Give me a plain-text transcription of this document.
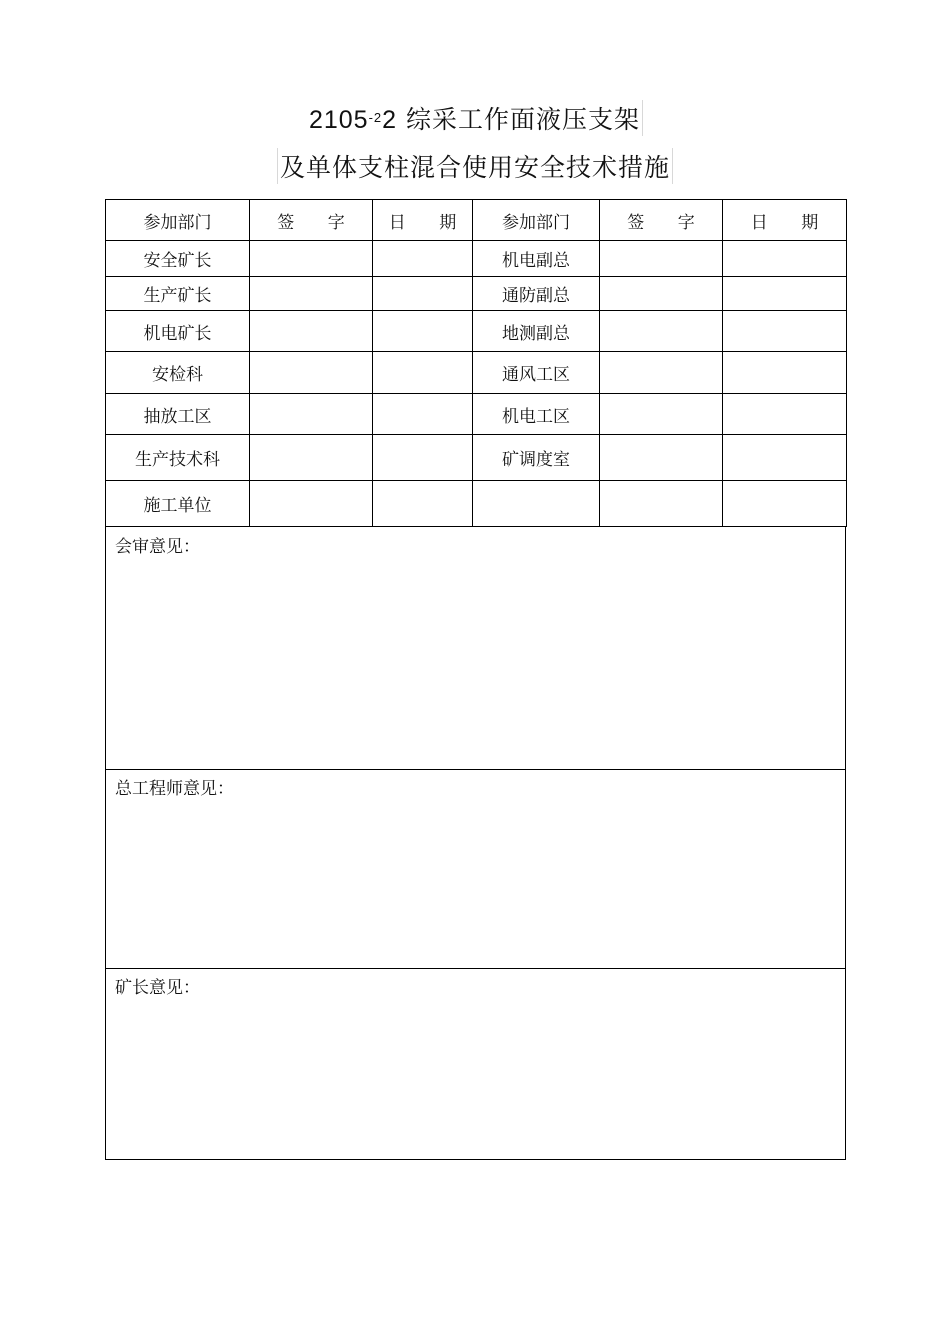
$2105^{-2}2$ 综采工作面液压支架
及单体支柱混合使用安全技术措施
参加部门	签 字	日 期	参加部门	签 字	日 期
安全矿长			机电副总		
生产矿长			通防副总		
机电矿长			地测副总		
安检科			通风工区		
抽放工区			机电工区		
生产技术科			矿调度室		
施工单位					
会审意见：
总工程师意见：
矿长意见：
